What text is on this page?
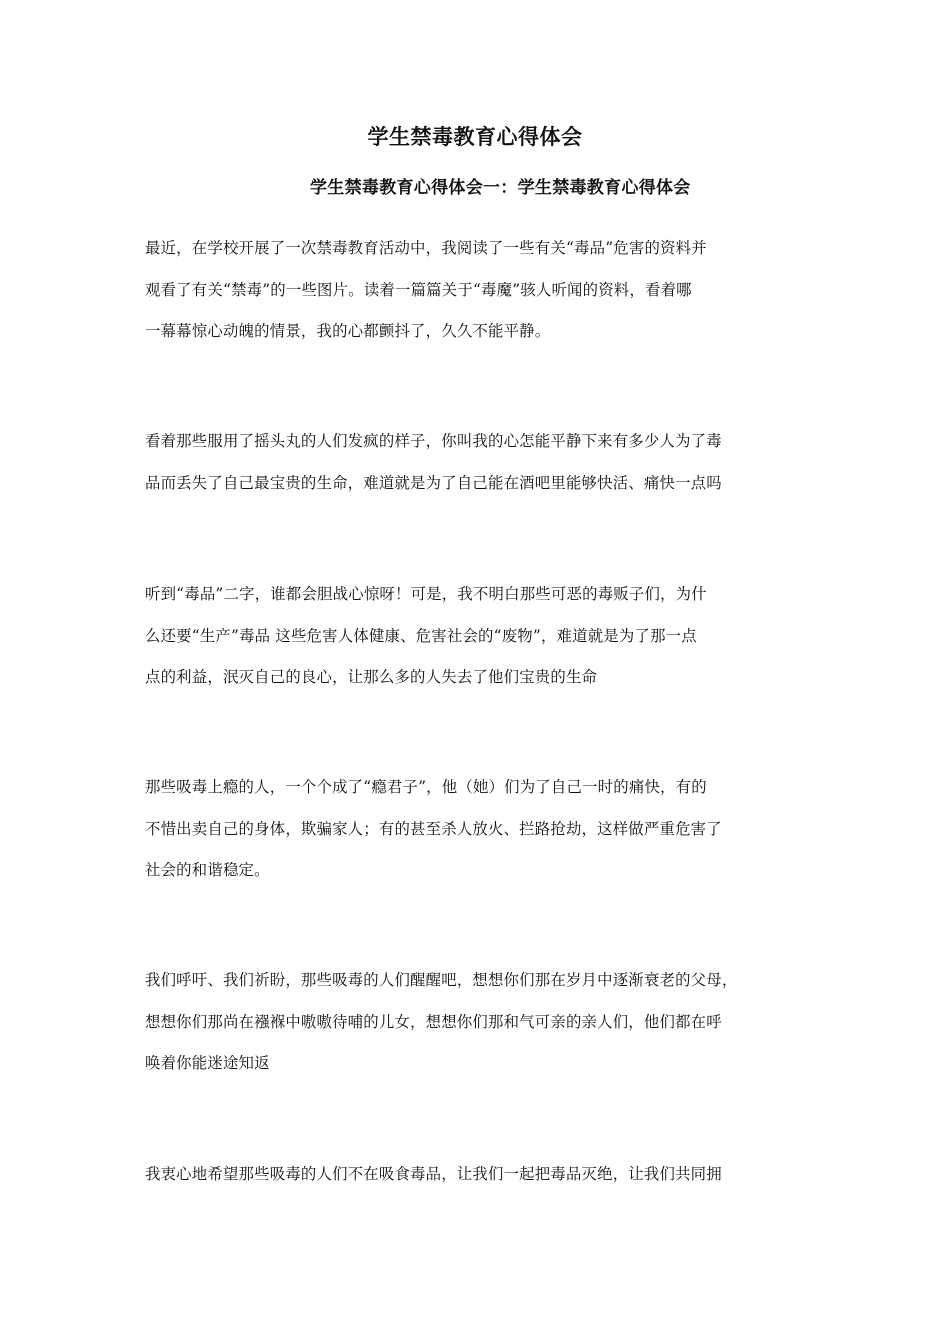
学生禁毒教育心得体会
学生禁毒教育心得体会一：学生禁毒教育心得体会
最近，在学校开展了一次禁毒教育活动中，我阅读了一些有关“毒品”危害的资料并
观看了有关“禁毒”的一些图片。读着一篇篇关于“毒魔”骇人听闻的资料，看着哪
一幕幕惊心动魄的情景，我的心都颤抖了，久久不能平静。
看着那些服用了摇头丸的人们发疯的样子，你叫我的心怎能平静下来有多少人为了毒
品而丢失了自己最宝贵的生命，难道就是为了自己能在酒吧里能够快活、痛快一点吗
听到“毒品”二字，谁都会胆战心惊呀！可是，我不明白那些可恶的毒贩子们，为什
么还要“生产”毒品 这些危害人体健康、危害社会的“废物”，难道就是为了那一点
点的利益，泯灭自己的良心，让那么多的人失去了他们宝贵的生命
那些吸毒上瘾的人，一个个成了“瘾君子”，他（她）们为了自己一时的痛快，有的
不惜出卖自己的身体，欺骗家人；有的甚至杀人放火、拦路抢劫，这样做严重危害了
社会的和谐稳定。
我们呼吁、我们祈盼，那些吸毒的人们醒醒吧，想想你们那在岁月中逐渐衰老的父母，
想想你们那尚在襁褓中嗷嗷待哺的儿女，想想你们那和气可亲的亲人们，他们都在呼
唤着你能迷途知返
我衷心地希望那些吸毒的人们不在吸食毒品，让我们一起把毒品灭绝，让我们共同拥
